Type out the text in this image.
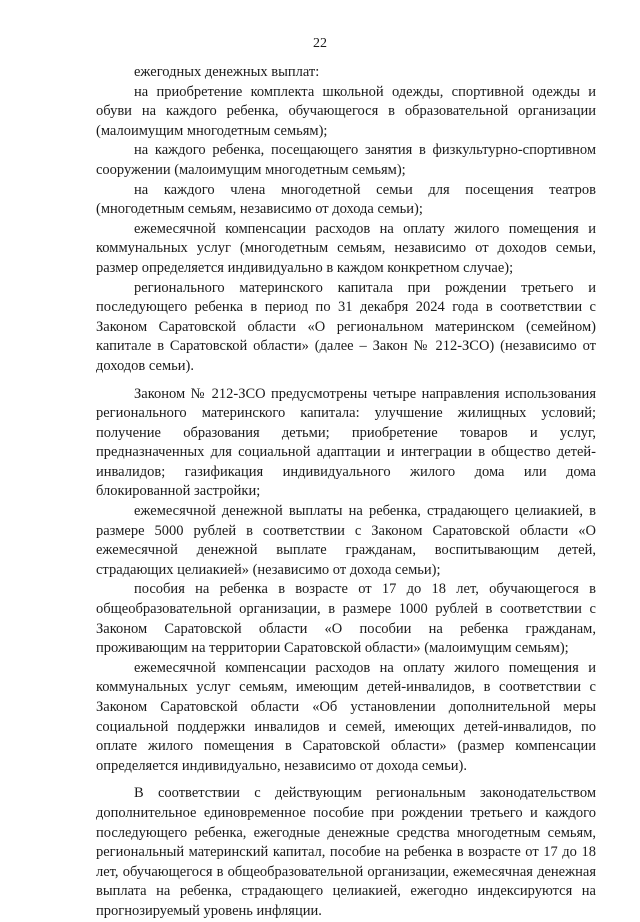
22

ежегодных денежных выплат:

на приобретение комплекта школьной одежды, спортивной одежды и обуви на каждого ребенка, обучающегося в образовательной организации (малоимущим многодетным семьям);

на каждого ребенка, посещающего занятия в физкультурно-спортивном сооружении (малоимущим многодетным семьям);

на каждого члена многодетной семьи для посещения театров (многодетным семьям, независимо от дохода семьи);

ежемесячной компенсации расходов на оплату жилого помещения и коммунальных услуг (многодетным семьям, независимо от доходов семьи, размер определяется индивидуально в каждом конкретном случае);

регионального материнского капитала при рождении третьего и последующего ребенка в период по 31 декабря 2024 года в соответствии с Законом Саратовской области «О региональном материнском (семейном) капитале в Саратовской области» (далее – Закон № 212-ЗСО) (независимо от доходов семьи).

Законом № 212-ЗСО предусмотрены четыре направления использования регионального материнского капитала: улучшение жилищных условий; получение образования детьми; приобретение товаров и услуг, предназначенных для социальной адаптации и интеграции в общество детей-инвалидов; газификация индивидуального жилого дома или дома блокированной застройки;

ежемесячной денежной выплаты на ребенка, страдающего целиакией, в размере 5000 рублей в соответствии с Законом Саратовской области «О ежемесячной денежной выплате гражданам, воспитывающим детей, страдающих целиакией» (независимо от дохода семьи);

пособия на ребенка в возрасте от 17 до 18 лет, обучающегося в общеобразовательной организации, в размере 1000 рублей в соответствии с Законом Саратовской области «О пособии на ребенка гражданам, проживающим на территории Саратовской области» (малоимущим семьям);

ежемесячной компенсации расходов на оплату жилого помещения и коммунальных услуг семьям, имеющим детей-инвалидов, в соответствии с Законом Саратовской области «Об установлении дополнительной меры социальной поддержки инвалидов и семей, имеющих детей-инвалидов, по оплате жилого помещения в Саратовской области» (размер компенсации определяется индивидуально, независимо от дохода семьи).

В соответствии с действующим региональным законодательством дополнительное единовременное пособие при рождении третьего и каждого последующего ребенка, ежегодные денежные средства многодетным семьям, региональный материнский капитал, пособие на ребенка в возрасте от 17 до 18 лет, обучающегося в общеобразовательной организации, ежемесячная денежная выплата на ребенка, страдающего целиакией, ежегодно индексируются на прогнозируемый уровень инфляции.
